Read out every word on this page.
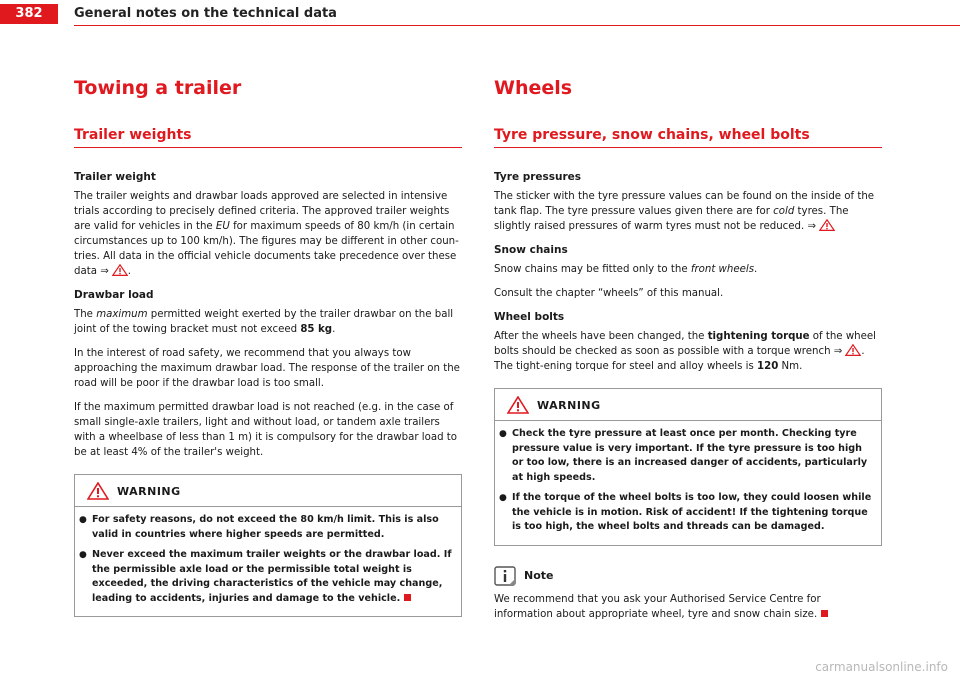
382	General notes on the technical data
Towing a trailer
Trailer weights
Trailer weight

The trailer weights and drawbar loads approved are selected in intensive trials according to precisely defined criteria. The approved trailer weights are valid for vehicles in the EU for maximum speeds of 80 km/h (in certain circumstances up to 100 km/h). The figures may be different in other coun-tries. All data in the official vehicle documents take precedence over these data ⇒ .

Drawbar load

The maximum permitted weight exerted by the trailer drawbar on the ball joint of the towing bracket must not exceed 85 kg.

In the interest of road safety, we recommend that you always tow approaching the maximum drawbar load. The response of the trailer on the road will be poor if the drawbar load is too small.

If the maximum permitted drawbar load is not reached (e.g. in the case of small single-axle trailers, light and without load, or tandem axle trailers with a wheelbase of less than 1 m) it is compulsory for the drawbar load to be at least 4% of the trailer's weight.

WARNING
● For safety reasons, do not exceed the 80 km/h limit. This is also valid in countries where higher speeds are permitted.
● Never exceed the maximum trailer weights or the drawbar load. If the permissible axle load or the permissible total weight is exceeded, the driving characteristics of the vehicle may change, leading to accidents, injuries and damage to the vehicle.
Wheels
Tyre pressure, snow chains, wheel bolts
Tyre pressures

The sticker with the tyre pressure values can be found on the inside of the tank flap. The tyre pressure values given there are for cold tyres. The slightly raised pressures of warm tyres must not be reduced. ⇒

Snow chains

Snow chains may be fitted only to the front wheels.

Consult the chapter “wheels” of this manual.

Wheel bolts

After the wheels have been changed, the tightening torque of the wheel bolts should be checked as soon as possible with a torque wrench ⇒ . The tight-ening torque for steel and alloy wheels is 120 Nm.

WARNING
● Check the tyre pressure at least once per month. Checking tyre pressure value is very important. If the tyre pressure is too high or too low, there is an increased danger of accidents, particularly at high speeds.
● If the torque of the wheel bolts is too low, they could loosen while the vehicle is in motion. Risk of accident! If the tightening torque is too high, the wheel bolts and threads can be damaged.
Note

We recommend that you ask your Authorised Service Centre for information about appropriate wheel, tyre and snow chain size.

carmanualsonline.info
